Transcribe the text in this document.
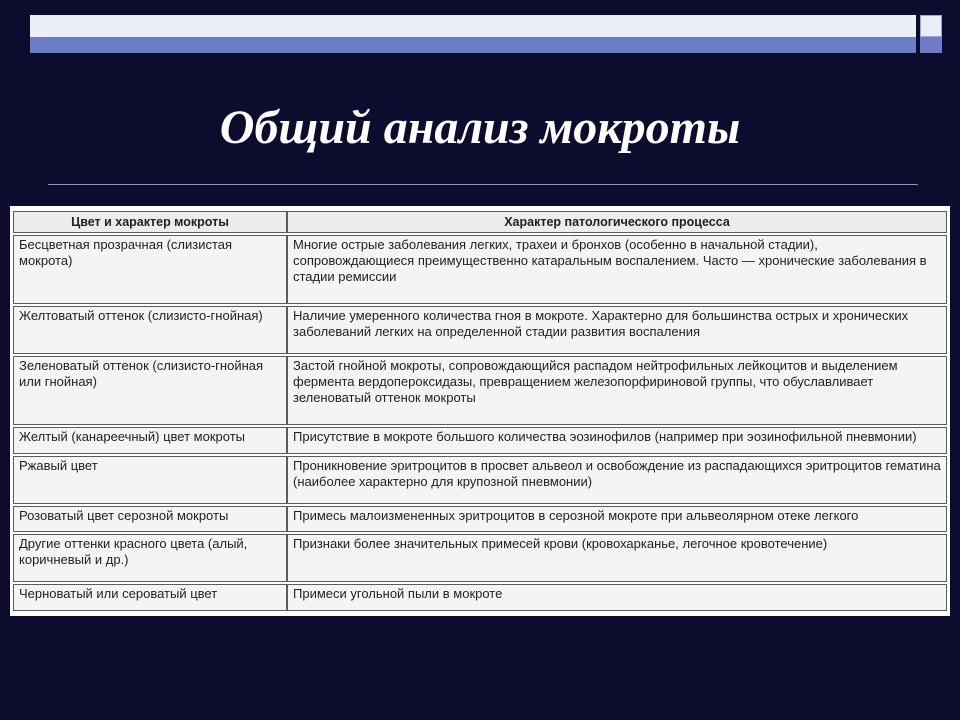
Общий анализ мокроты
Цвет и характер мокроты	Характер патологического процесса
Бесцветная прозрачная (слизистая мокрота)	Многие острые заболевания легких, трахеи и бронхов (особенно в начальной стадии), сопровождающиеся преимущественно катаральным воспалением. Часто — хронические заболевания в стадии ремиссии
Желтоватый оттенок (слизисто-гнойная)	Наличие умеренного количества гноя в мокроте. Характерно для большинства острых и хронических заболеваний легких на определенной стадии развития воспаления
Зеленоватый оттенок (слизисто-гнойная или гнойная)	Застой гнойной мокроты, сопровождающийся распадом нейтрофильных лейкоцитов и выделением фермента вердопероксидазы, превращением железопорфириновой группы, что обуславливает зеленоватый оттенок мокроты
Желтый (канареечный) цвет мокроты	Присутствие в мокроте большого количества эозинофилов (например при эозинофильной пневмонии)
Ржавый цвет	Проникновение эритроцитов в просвет альвеол и освобождение из распадающихся эритроцитов гематина (наиболее характерно для крупозной пневмонии)
Розоватый цвет серозной мокроты	Примесь малоизмененных эритроцитов в серозной мокроте при альвеолярном отеке легкого
Другие оттенки красного цвета (алый, коричневый и др.)	Признаки более значительных примесей крови (кровохарканье, легочное кровотечение)
Черноватый или сероватый цвет	Примеси угольной пыли в мокроте
